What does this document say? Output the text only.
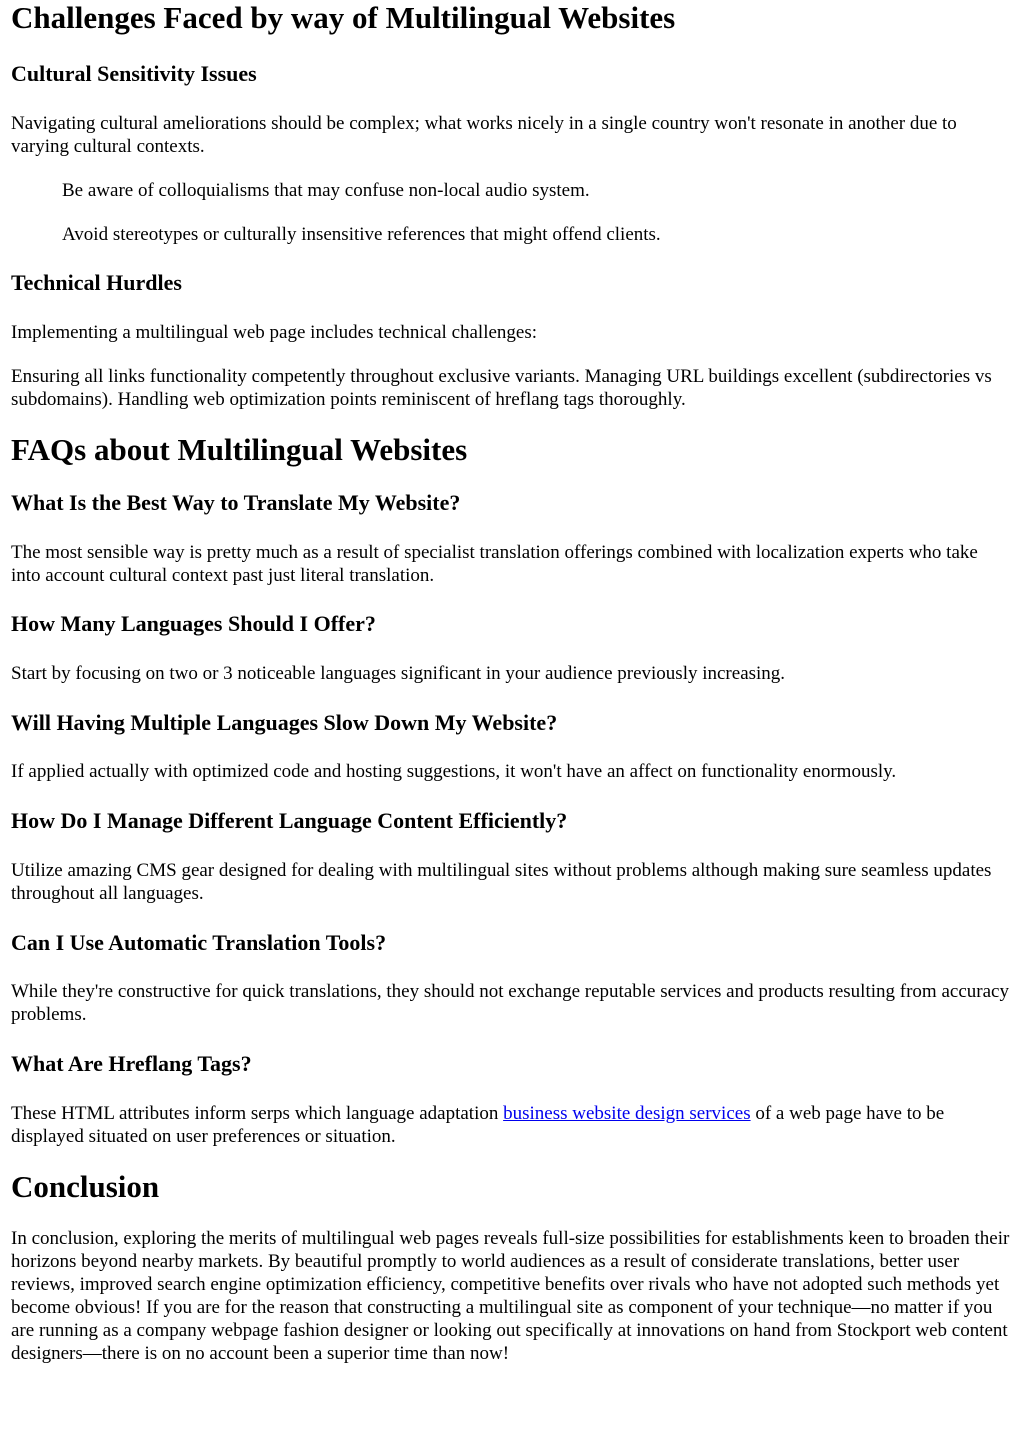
Challenges Faced by way of Multilingual Websites
Cultural Sensitivity Issues

Navigating cultural ameliorations should be complex; what works nicely in a single country won't resonate in another due to varying cultural contexts.

Be aware of colloquialisms that may confuse non-local audio system.

Avoid stereotypes or culturally insensitive references that might offend clients.

Technical Hurdles

Implementing a multilingual web page includes technical challenges:

Ensuring all links functionality competently throughout exclusive variants. Managing URL buildings excellent (subdirectories vs subdomains). Handling web optimization points reminiscent of hreflang tags thoroughly.

FAQs about Multilingual Websites
What Is the Best Way to Translate My Website?

The most sensible way is pretty much as a result of specialist translation offerings combined with localization experts who take into account cultural context past just literal translation.

How Many Languages Should I Offer?

Start by focusing on two or 3 noticeable languages significant in your audience previously increasing.

Will Having Multiple Languages Slow Down My Website?

If applied actually with optimized code and hosting suggestions, it won't have an affect on functionality enormously.

How Do I Manage Different Language Content Efficiently?

Utilize amazing CMS gear designed for dealing with multilingual sites without problems although making sure seamless updates throughout all languages.

Can I Use Automatic Translation Tools?

While they're constructive for quick translations, they should not exchange reputable services and products resulting from accuracy problems.

What Are Hreflang Tags?

These HTML attributes inform serps which language adaptation business website design services of a web page have to be displayed situated on user preferences or situation.

Conclusion

In conclusion, exploring the merits of multilingual web pages reveals full-size possibilities for establishments keen to broaden their horizons beyond nearby markets. By beautiful promptly to world audiences as a result of considerate translations, better user reviews, improved search engine optimization efficiency, competitive benefits over rivals who have not adopted such methods yet become obvious! If you are for the reason that constructing a multilingual site as component of your technique—no matter if you are running as a company webpage fashion designer or looking out specifically at innovations on hand from Stockport web content designers—there is on no account been a superior time than now!
